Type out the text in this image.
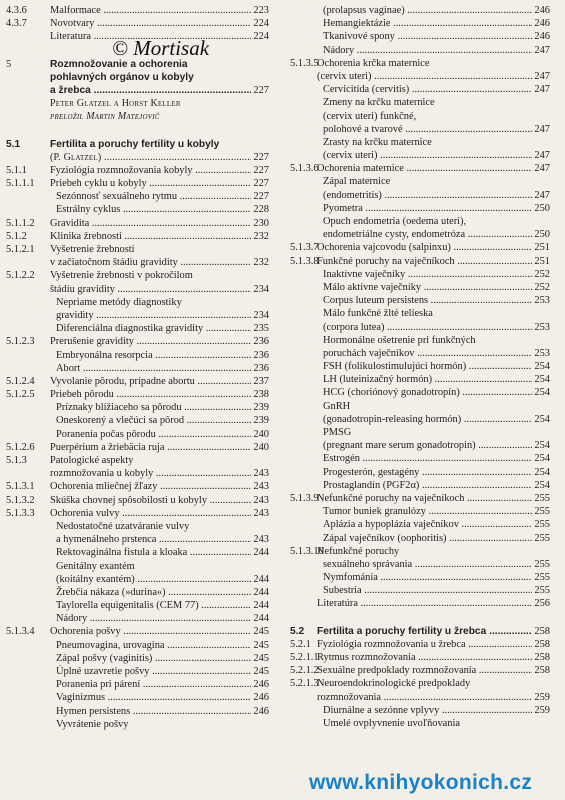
4.3.6 Malformace .....	223
4.3.7 Novotvary .....	224
Literatura .....	224
5	Rozmnožovanie a ochorenia
pohlavných orgánov u kobyly
a žrebca .....	227
Peter Glatzel a Horst Keller
preložil Martin Matejovič
5.1	Fertilita a poruchy fertility u kobyly
(P. Glatzel) .....	227
5.1.1 Fyziológia rozmnožovania kobyly .....	227
5.1.1.1 Priebeh cyklu u kobyly .....	227
Sezónnosť sexuálneho rytmu .....	227
Estrálny cyklus .....	228
5.1.1.2 Gravidita .....	230
5.1.2 Klinika žrebnosti .....	232
5.1.2.1 Vyšetrenie žrebnosti
v začiatočnom štádiu gravidity .....	232
5.1.2.2 Vyšetrenie žrebnosti v pokročilom
štádiu gravidity .....	234
Nepriame metódy diagnostiky
gravidity .....	234
Diferenciálna diagnostika gravidity .....	235
5.1.2.3 Prerušenie gravidity .....	236
Embryonálna resorpcia .....	236
Abort .....	236
5.1.2.4 Vyvolanie pôrodu, prípadne abortu .....	237
5.1.2.5 Priebeh pôrodu .....	238
Príznaky blížiaceho sa pôrodu .....	239
Oneskorený a vlečúci sa pôrod .....	239
Poranenia počas pôrodu .....	240
5.1.2.6 Puerpérium a žriebäcia ruja .....	240
5.1.3 Patologické aspekty
rozmnožovania u kobyly .....	243
5.1.3.1 Ochorenia mliečnej žľazy .....	243
5.1.3.2 Skúška chovnej spôsobilosti u kobyly .....	243
5.1.3.3 Ochorenia vulvy .....	243
Nedostatočné uzatváranie vulvy
a hymenálneho prstenca .....	243
Rektovaginálna fistula a kloaka .....	244
Genitálny exantém
(koitálny exantém) .....	244
Žrebčia nákaza (»durina«) .....	244
Taylorella equigenitalis (CEM 77) .....	244
Nádory .....	244
5.1.3.4 Ochorenia pošvy .....	245
Pneumovagina, urovagina .....	245
Zápal pošvy (vaginitis) .....	245
Úplné uzavretie pošvy .....	245
Poranenia pri párení .....	246
Vaginizmus .....	246
Hymen persistens .....	246
Vyvrátenie pošvy
(prolapsus vaginae) .....	246
Hemangiektázie .....	246
Tkanivové spony .....	246
Nádory .....	247
5.1.3.5
Ochorenia krčka maternice
(cervix uteri) .....	247
Cervicitída (cervitis) .....	247
Zmeny na krčku maternice
(cervix uteri) funkčné,
polohové a tvarové .....	247
Zrasty na krčku maternice
(cervix uteri) .....	247
5.1.3.6
Ochorenia maternice .....	247
Zápal maternice
(endometritis) .....	247
Pyometra .....	250
Opuch endometria (oedema uteri),
endometriálne cysty, endometróza .....	250
5.1.3.7
Ochorenia vajcovodu (salpinxu) .....	251
5.1.3.8
Funkčné poruchy na vaječníkoch .....	251
Inaktívne vaječníky .....	252
Málo aktívne vaječníky .....	252
Corpus luteum persistens .....	253
Málo funkčné žlté telieska
(corpora lutea) .....	253
Hormonálne ošetrenie pri funkčných
poruchách vaječníkov .....	253
FSH (folikulostimulujúci hormón) .....	254
LH (luteinizačný hormón) .....	254
HCG (choriónový gonadotropín) .....	254
GnRH
(gonadotropin-releasing hormón) .....	254
PMSG
(pregnant mare serum gonadotropin) .....	254
Estrogén .....	254
Progesterón, gestagény .....	254
Prostaglandín (PGF2α) .....	254
5.1.3.9
Nefunkčné poruchy na vaječníkoch .....	255
Tumor buniek granulózy .....	255
Aplázia a hypoplázia vaječníkov .....	255
Zápal vaječníkov (oophoritis) .....	255
5.1.3.10
Nefunkčné poruchy
sexuálneho správania .....	255
Nymfománia .....	255
Subestria .....	255
Literatúra .....	256
5.2 Fertilita a poruchy fertility u žrebca .....	258
5.2.1 Fyziológia rozmnožovania u žrebca .....	258
5.2.1.1
Rytmus rozmnožovania .....	258
5.2.1.2
Sexuálne predpoklady rozmnožovania .....	258
5.2.1.3
Neuroendokrinologické predpoklady
rozmnožovania .....	259
Diurnálne a sezónne vplyvy .....	259
Umelé ovplyvnenie uvoľňovania
© Mortisak
www.knihyokonich.cz
